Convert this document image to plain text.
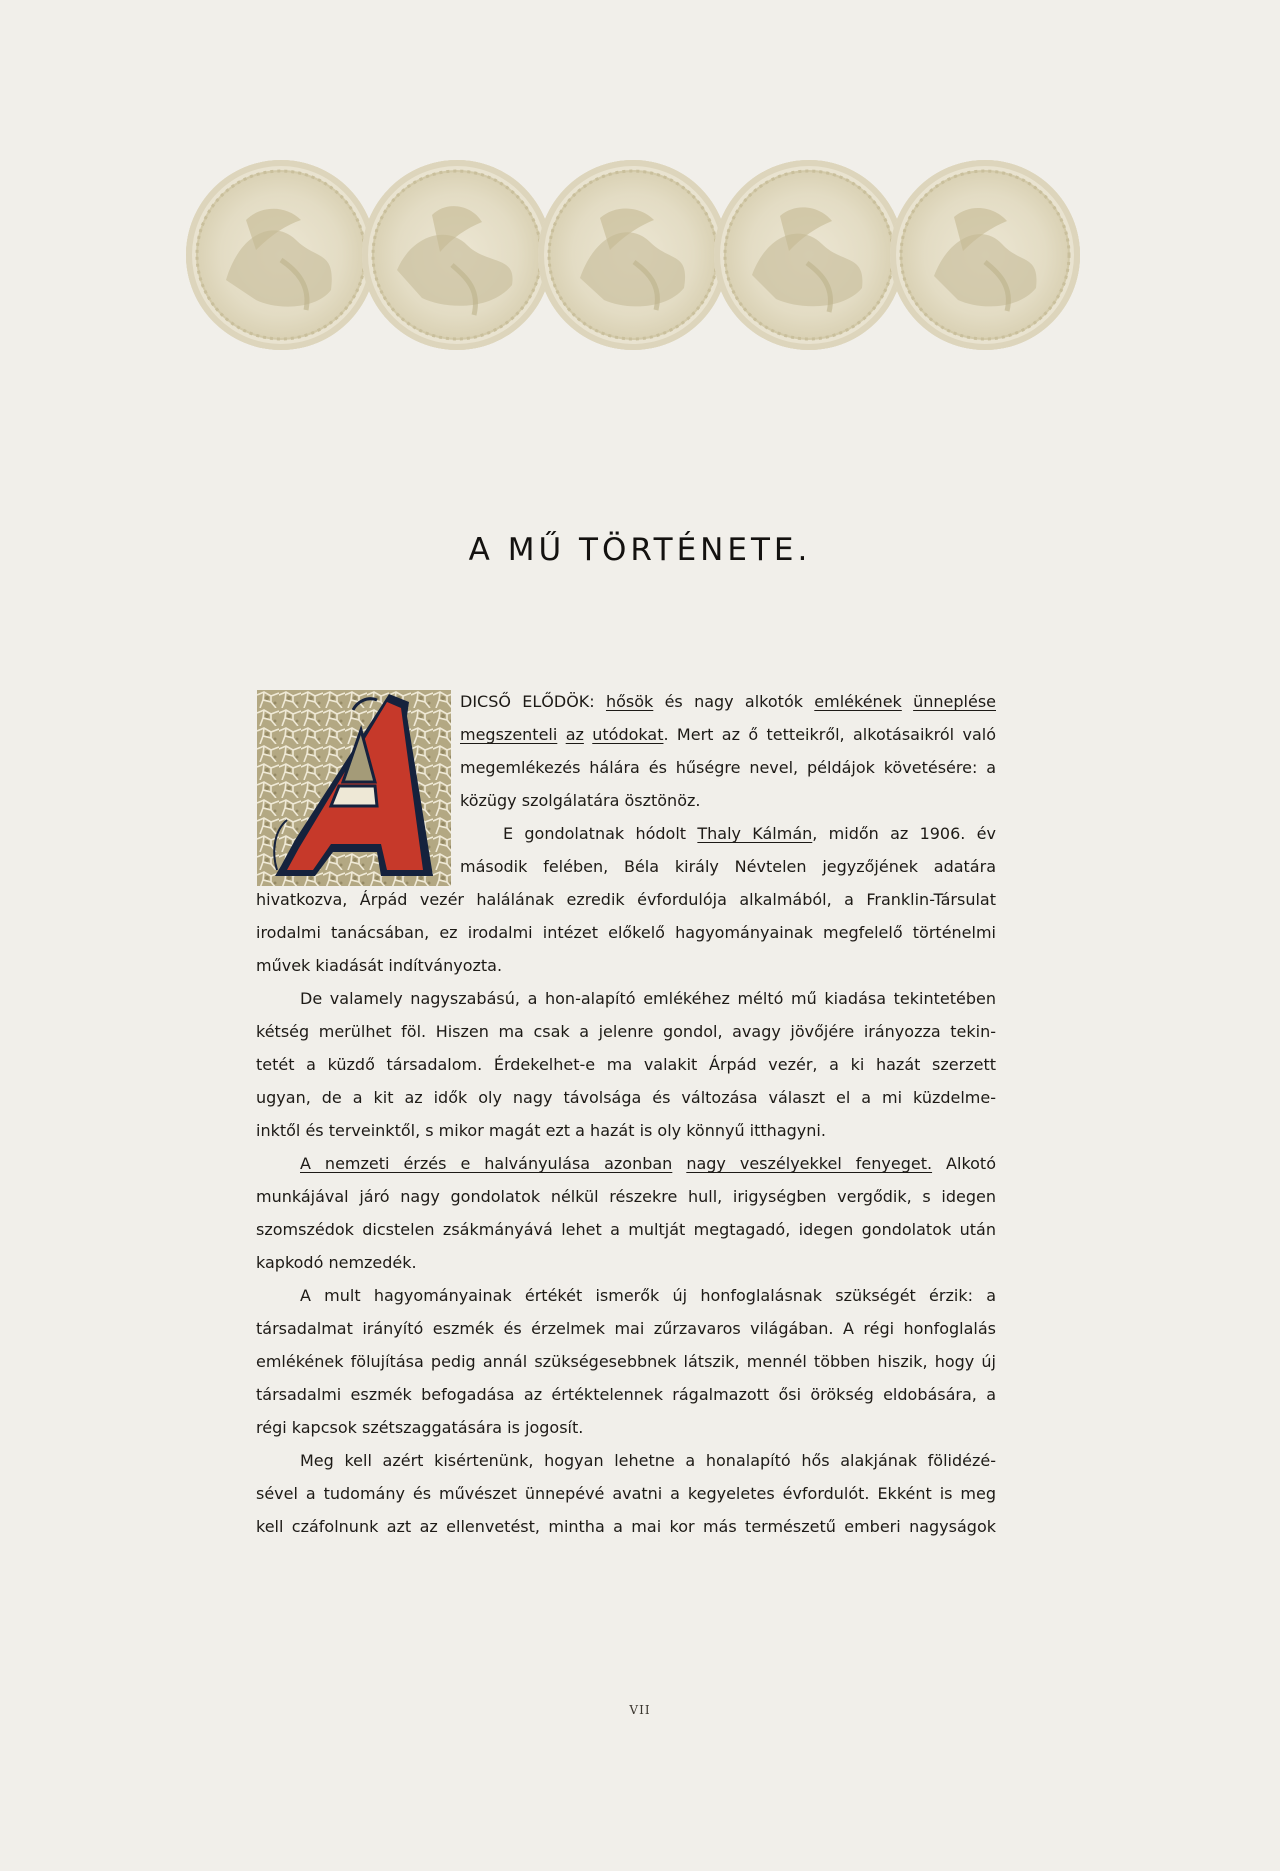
A MŰ TÖRTÉNETE.
DICSŐ ELŐDÖK: hősök és nagy alkotók emlékének ünneplése
megszenteli az utódokat. Mert az ő tetteikről, alkotásaikról való
megemlékezés hálára és hűségre nevel, példájok követésére: a
közügy szolgálatára ösztönöz.
E gondolatnak hódolt Thaly Kálmán, midőn az 1906. év
második felében, Béla király Névtelen jegyzőjének adatára
hivatkozva, Árpád vezér halálának ezredik évfordulója alkalmából, a Franklin-Társulat
irodalmi tanácsában, ez irodalmi intézet előkelő hagyományainak megfelelő történelmi
művek kiadását indítványozta.
De valamely nagyszabású, a hon-alapító emlékéhez méltó mű kiadása tekintetében
kétség merülhet föl. Hiszen ma csak a jelenre gondol, avagy jövőjére irányozza tekin-
tetét a küzdő társadalom. Érdekelhet-e ma valakit Árpád vezér, a ki hazát szerzett
ugyan, de a kit az idők oly nagy távolsága és változása választ el a mi küzdelme-
inktől és terveinktől, s mikor magát ezt a hazát is oly könnyű itthagyni.
A nemzeti érzés e halványulása azonban nagy veszélyekkel fenyeget. Alkotó
munkájával járó nagy gondolatok nélkül részekre hull, irigységben vergődik, s idegen
szomszédok dicstelen zsákmányává lehet a multját megtagadó, idegen gondolatok után
kapkodó nemzedék.
A mult hagyományainak értékét ismerők új honfoglalásnak szükségét érzik: a
társadalmat irányító eszmék és érzelmek mai zűrzavaros világában. A régi honfoglalás
emlékének fölujítása pedig annál szükségesebbnek látszik, mennél többen hiszik, hogy új
társadalmi eszmék befogadása az értéktelennek rágalmazott ősi örökség eldobására, a
régi kapcsok szétszaggatására is jogosít.
Meg kell azért kisértenünk, hogyan lehetne a honalapító hős alakjának fölidézé-
sével a tudomány és művészet ünnepévé avatni a kegyeletes évfordulót. Ekként is meg
kell czáfolnunk azt az ellenvetést, mintha a mai kor más természetű emberi nagyságok
VII
